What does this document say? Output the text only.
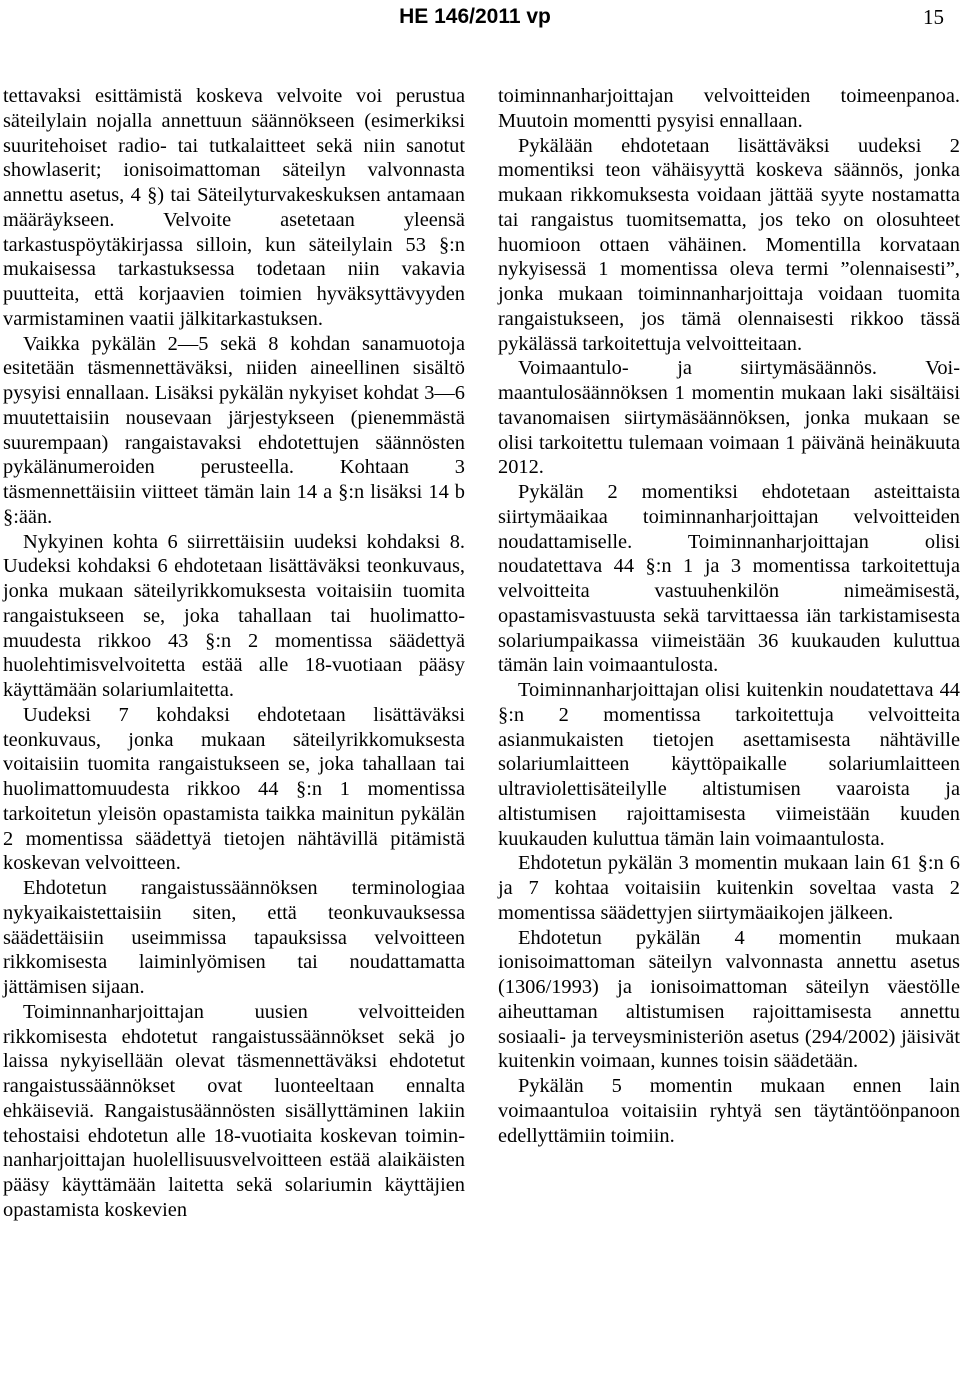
HE 146/2011 vp	15

tettavaksi esittämistä koskeva velvoite voi perustua säteilylain nojalla annettuun säännökseen (esimerkiksi suuritehoiset radio- tai tutkalaitteet sekä niin sanotut showlaserit; ionisoimattoman säteilyn valvonnasta annettu asetus, 4 §) tai Säteilyturvakeskuksen antamaan määräykseen. Velvoite asetetaan yleensä tarkastuspöytäkirjassa silloin, kun säteilylain 53 §:n mukaisessa tarkastuksessa todetaan niin vakavia puutteita, että korjaavien toimien hyväksyttävyyden varmistaminen vaatii jälkitarkastuksen.

Vaikka pykälän 2—5 sekä 8 kohdan sanamuotoja esitetään täsmennettäväksi, niiden aineellinen sisältö pysyisi ennallaan. Lisäksi pykälän nykyiset kohdat 3—6 muutettaisiin nousevaan järjestykseen (pienemmästä suurempaan) rangaistavaksi ehdotettujen säännösten pykälänumeroiden perusteella. Kohtaan 3 täsmennettäisiin viitteet tämän lain 14 a §:n lisäksi 14 b §:ään.

Nykyinen kohta 6 siirrettäisiin uudeksi kohdaksi 8. Uudeksi kohdaksi 6 ehdotetaan lisättäväksi teonkuvaus, jonka mukaan säteilyrikkomuksesta voitaisiin tuomita rangaistukseen se, joka tahallaan tai huolimattomuudesta rikkoo 43 §:n 2 momentissa säädettyä huolehtimisvelvoitetta estää alle 18-vuotiaan pääsy käyttämään solariumlaitetta.

Uudeksi 7 kohdaksi ehdotetaan lisättäväksi teonkuvaus, jonka mukaan säteilyrikkomuksesta voitaisiin tuomita rangaistukseen se, joka tahallaan tai huolimattomuudesta rikkoo 44 §:n 1 momentissa tarkoitetun yleisön opastamista taikka mainitun pykälän 2 momentissa säädettyä tietojen nähtävillä pitämistä koskevan velvoitteen.

Ehdotetun rangaistussäännöksen terminologiaa nykyaikaistettaisiin siten, että teonkuvauksessa säädettäisiin useimmissa tapauksissa velvoitteen rikkomisesta laiminlyömisen tai noudattamatta jättämisen sijaan.

Toiminnanharjoittajan uusien velvoitteiden rikkomisesta ehdotetut rangaistussäännökset sekä jo laissa nykyisellään olevat täsmennettäväksi ehdotetut rangaistussäännökset ovat luonteeltaan ennalta ehkäiseviä. Rangaistusäännösten sisällyttäminen lakiin tehostaisi ehdotetun alle 18-vuotiaita koskevan toiminnanharjoittajan huolellisuusvelvoitteen estää alaikäisten pääsy käyttämään laitetta sekä solariumin käyttäjien opastamista koskevien

toiminnanharjoittajan velvoitteiden toimeenpanoa. Muutoin momentti pysyisi ennallaan.

Pykälään ehdotetaan lisättäväksi uudeksi 2 momentiksi teon vähäisyyttä koskeva säännös, jonka mukaan rikkomuksesta voidaan jättää syyte nostamatta tai rangaistus tuomitsematta, jos teko on olosuhteet huomioon ottaen vähäinen. Momentilla korvataan nykyisessä 1 momentissa oleva termi ”olennaisesti”, jonka mukaan toiminnanharjoittaja voidaan tuomita rangaistukseen, jos tämä olennaisesti rikkoo tässä pykälässä tarkoitettuja velvoitteitaan.

Voimaantulo- ja siirtymäsäännös. Voimaantulosäännöksen 1 momentin mukaan laki sisältäisi tavanomaisen siirtymäsäännöksen, jonka mukaan se olisi tarkoitettu tulemaan voimaan 1 päivänä heinäkuuta 2012.

Pykälän 2 momentiksi ehdotetaan asteittaista siirtymäaikaa toiminnanharjoittajan velvoitteiden noudattamiselle. Toiminnanharjoittajan olisi noudatettava 44 §:n 1 ja 3 momentissa tarkoitettuja velvoitteita vastuuhenkilön nimeämisestä, opastamisvastuusta sekä tarvittaessa iän tarkistamisesta solariumpaikassa viimeistään 36 kuukauden kuluttua tämän lain voimaantulosta.

Toiminnanharjoittajan olisi kuitenkin noudatettava 44 §:n 2 momentissa tarkoitettuja velvoitteita asianmukaisten tietojen asettamisesta nähtäville solariumlaitteen käyttöpaikalle solariumlaitteen ultraviolettisäteilylle altistumisen vaaroista ja altistumisen rajoittamisesta viimeistään kuuden kuukauden kuluttua tämän lain voimaantulosta.

Ehdotetun pykälän 3 momentin mukaan lain 61 §:n 6 ja 7 kohtaa voitaisiin kuitenkin soveltaa vasta 2 momentissa säädettyjen siirtymäaikojen jälkeen.

Ehdotetun pykälän 4 momentin mukaan ionisoimattoman säteilyn valvonnasta annettu asetus (1306/1993) ja ionisoimattoman säteilyn väestölle aiheuttaman altistumisen rajoittamisesta annettu sosiaali- ja terveysministeriön asetus (294/2002) jäisivät kuitenkin voimaan, kunnes toisin säädetään.

Pykälän 5 momentin mukaan ennen lain voimaantuloa voitaisiin ryhtyä sen täytäntöönpanoon edellyttämiin toimiin.
